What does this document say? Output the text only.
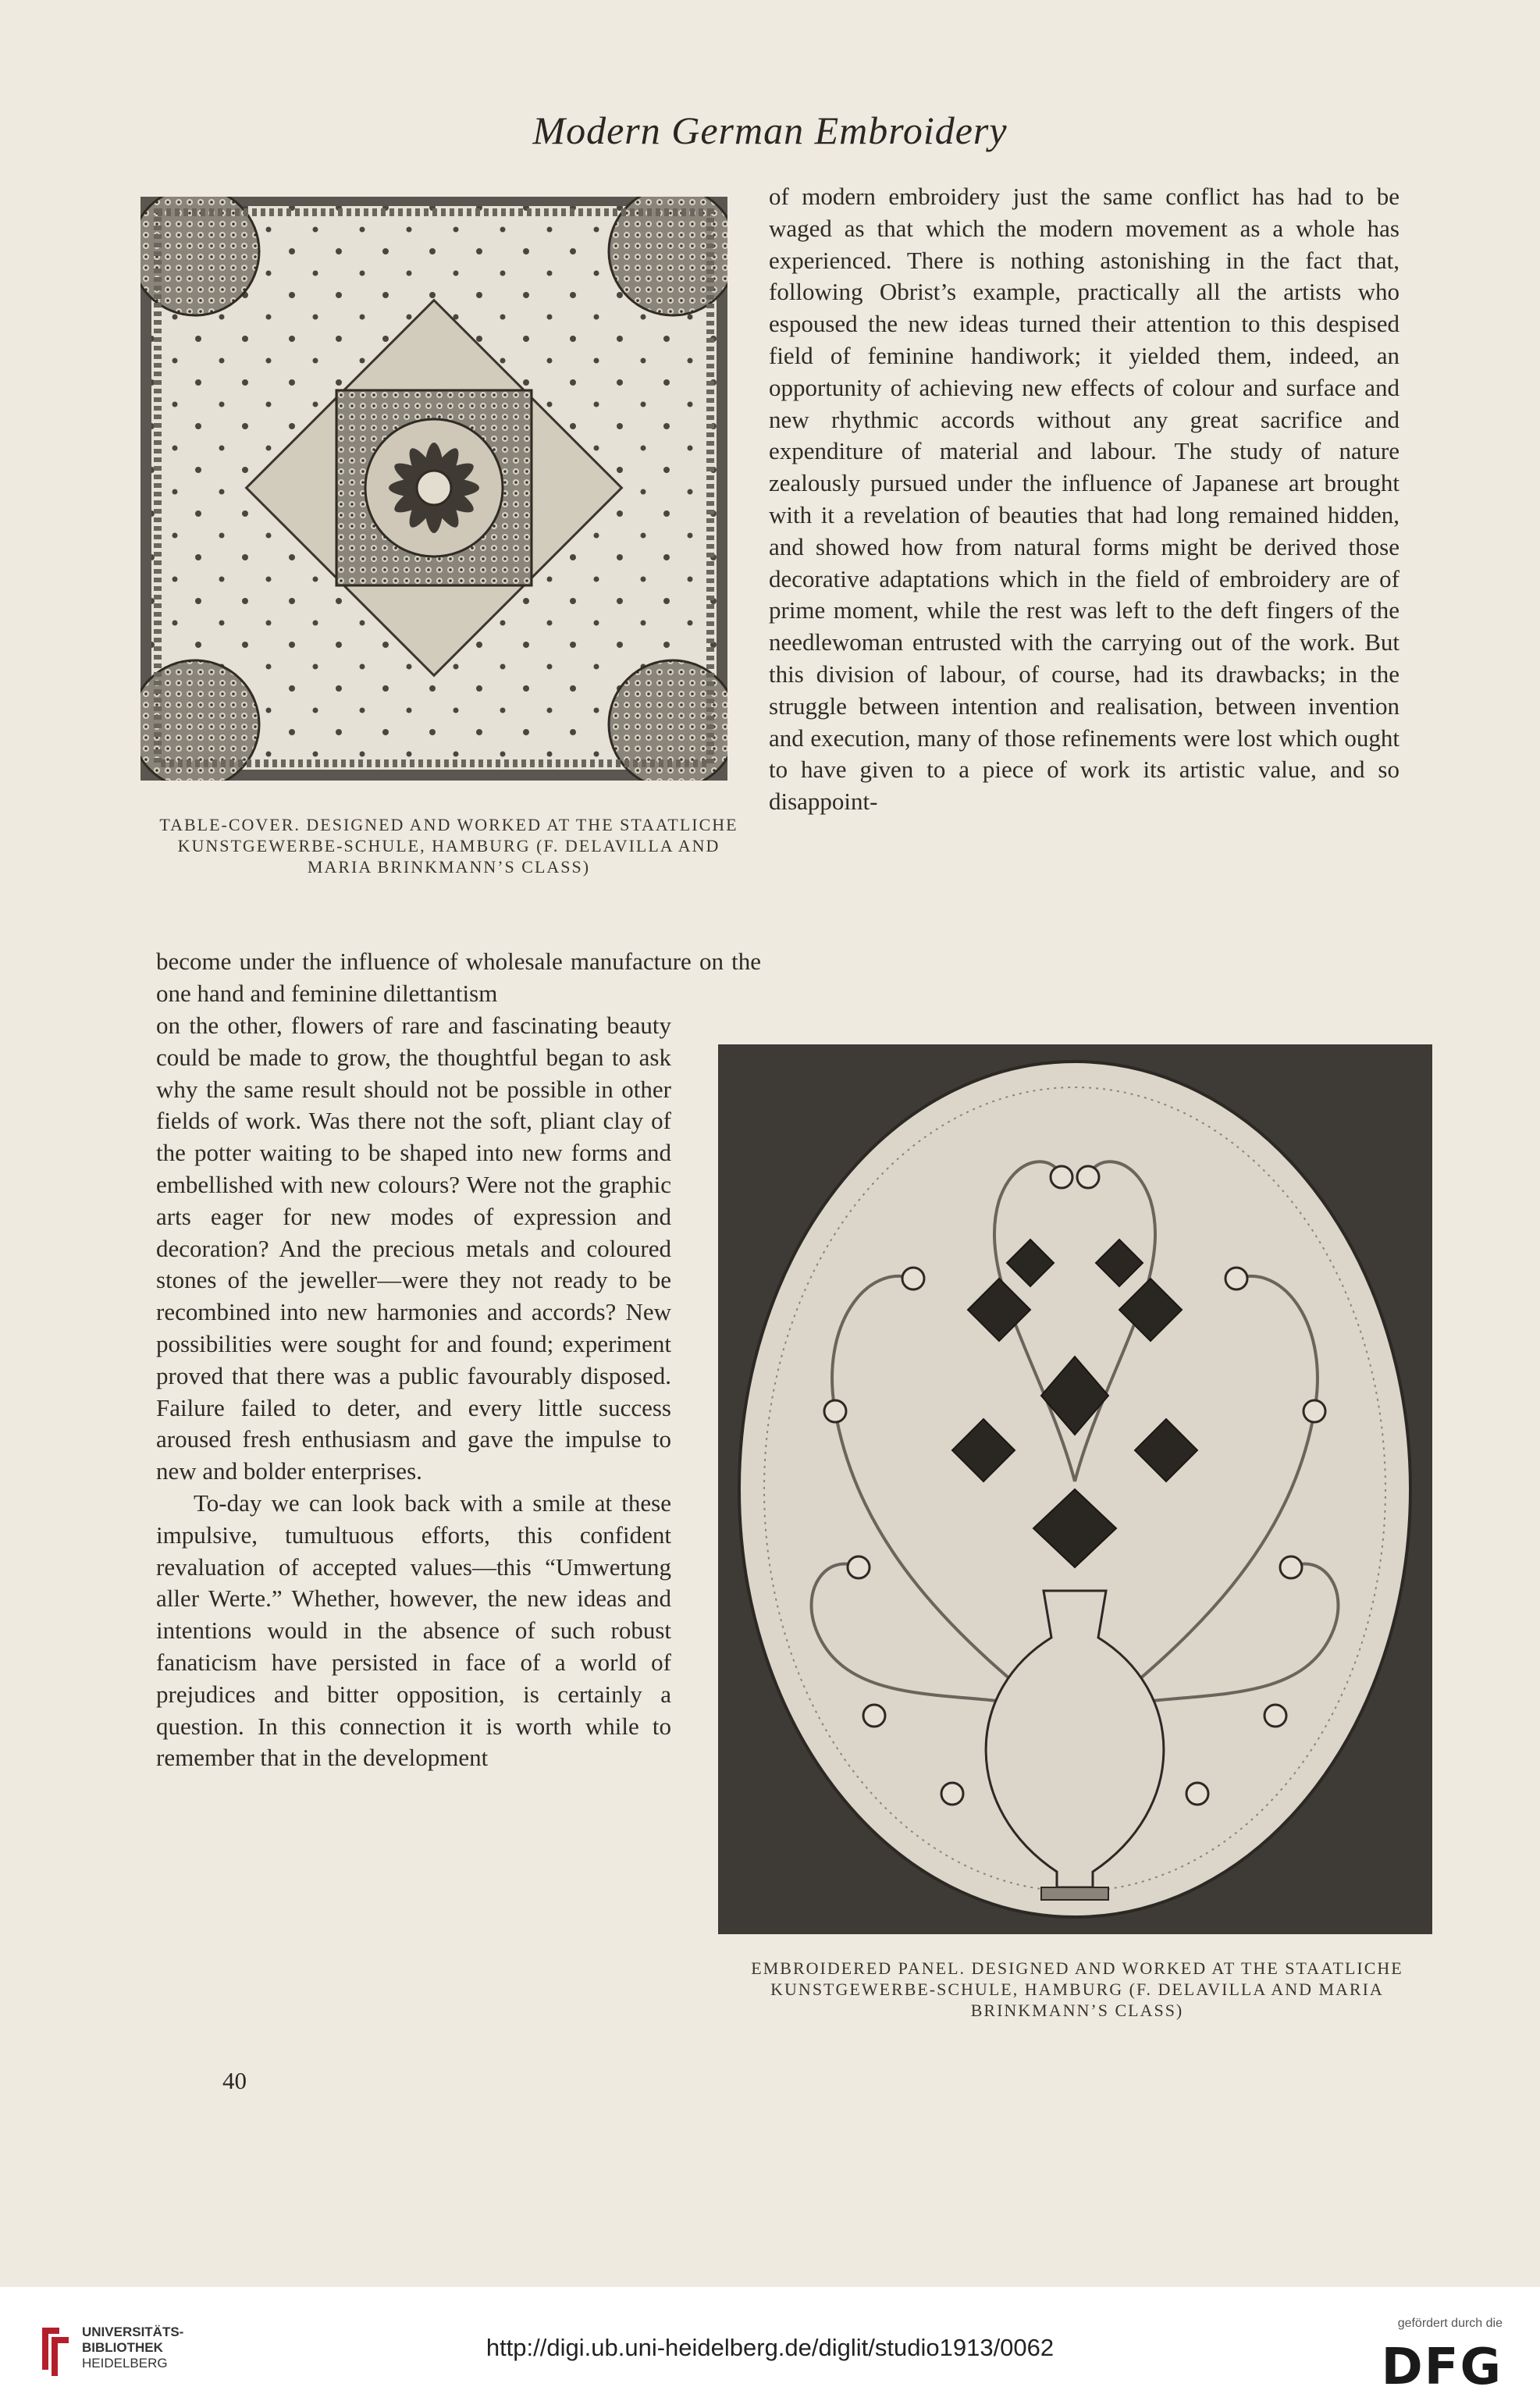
Modern German Embroidery
TABLE-COVER. DESIGNED AND WORKED AT THE STAATLICHE KUNSTGEWERBE-SCHULE, HAMBURG (F. DELAVILLA AND MARIA BRINKMANN’S CLASS)

of modern embroidery just the same conflict has had to be waged as that which the modern movement as a whole has experienced. There is nothing astonishing in the fact that, following Obrist’s example, practically all the artists who espoused the new ideas turned their attention to this despised field of feminine handiwork; it yielded them, indeed, an opportunity of achieving new effects of colour and surface and new rhythmic accords without any great sacrifice and expenditure of material and labour. The study of nature zealously pursued under the influence of Japanese art brought with it a revelation of beauties that had long remained hidden, and showed how from natural forms might be derived those decorative adaptations which in the field of embroidery are of prime moment, while the rest was left to the deft fingers of the needlewoman entrusted with the carrying out of the work. But this division of labour, of course, had its drawbacks; in the struggle between intention and realisation, between invention and execution, many of those refinements were lost which ought to have given to a piece of work its artistic value, and so disappoint-

become under the influence of wholesale manufacture on the one hand and feminine dilettantism

on the other, flowers of rare and fascinating beauty could be made to grow, the thoughtful began to ask why the same result should not be possible in other fields of work. Was there not the soft, pliant clay of the potter waiting to be shaped into new forms and embellished with new colours? Were not the graphic arts eager for new modes of expression and decoration? And the precious metals and coloured stones of the jeweller—were they not ready to be recombined into new harmonies and accords? New possibilities were sought for and found; experiment proved that there was a public favourably disposed. Failure failed to deter, and every little success aroused fresh enthusiasm and gave the impulse to new and bolder enterprises.

To-day we can look back with a smile at these impulsive, tumultuous efforts, this confident revaluation of accepted values—this “Umwertung aller Werte.” Whether, however, the new ideas and intentions would in the absence of such robust fanaticism have persisted in face of a world of prejudices and bitter opposition, is certainly a question. In this connection it is worth while to remember that in the development

EMBROIDERED PANEL. DESIGNED AND WORKED AT THE STAATLICHE KUNSTGEWERBE-SCHULE, HAMBURG (F. DELAVILLA AND MARIA BRINKMANN’S CLASS)
40
UNIVERSITÄTS-
BIBLIOTHEK
HEIDELBERG
http://digi.ub.uni-heidelberg.de/diglit/studio1913/0062
gefördert durch die
DFG
